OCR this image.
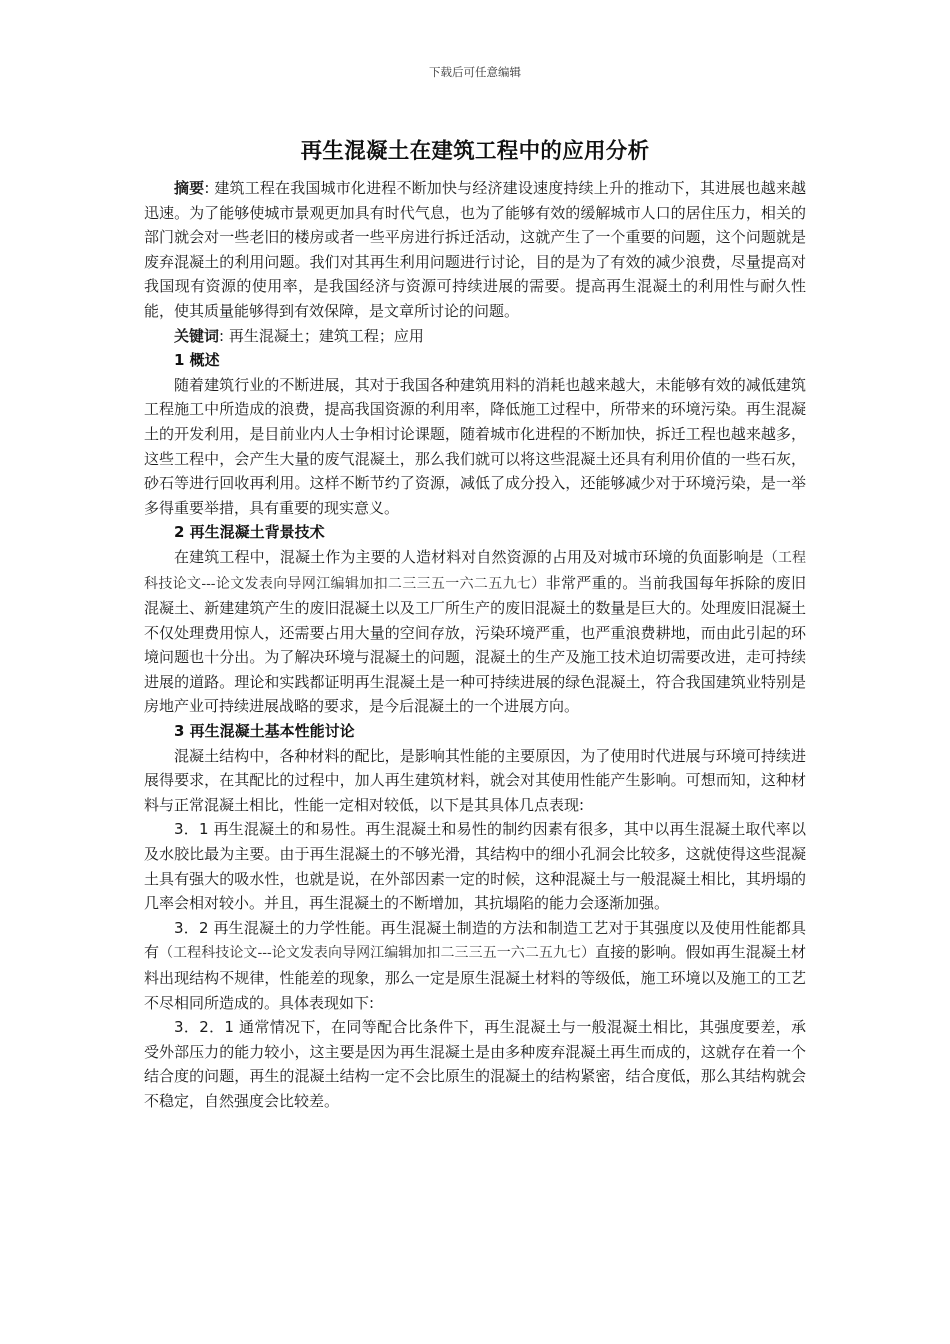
下载后可任意编辑
再生混凝土在建筑工程中的应用分析

摘要: 建筑工程在我国城市化进程不断加快与经济建设速度持续上升的推动下，其进展也越来越迅速。为了能够使城市景观更加具有时代气息，也为了能够有效的缓解城市人口的居住压力，相关的部门就会对一些老旧的楼房或者一些平房进行拆迁活动，这就产生了一个重要的问题，这个问题就是废弃混凝土的利用问题。我们对其再生利用问题进行讨论，目的是为了有效的减少浪费，尽量提高对我国现有资源的使用率，是我国经济与资源可持续进展的需要。提高再生混凝土的利用性与耐久性能，使其质量能够得到有效保障，是文章所讨论的问题。

关键词: 再生混凝土；建筑工程；应用

1 概述

随着建筑行业的不断进展，其对于我国各种建筑用料的消耗也越来越大，未能够有效的减低建筑工程施工中所造成的浪费，提高我国资源的利用率，降低施工过程中，所带来的环境污染。再生混凝土的开发利用，是目前业内人士争相讨论课题，随着城市化进程的不断加快，拆迁工程也越来越多，这些工程中，会产生大量的废气混凝土，那么我们就可以将这些混凝土还具有利用价值的一些石灰，砂石等进行回收再利用。这样不断节约了资源，减低了成分投入，还能够减少对于环境污染，是一举多得重要举措，具有重要的现实意义。

2 再生混凝土背景技术

在建筑工程中，混凝土作为主要的人造材料对自然资源的占用及对城市环境的负面影响是（工程科技论文---论文发表向导网江编辑加扣二三三五一六二五九七）非常严重的。当前我国每年拆除的废旧混凝土、新建建筑产生的废旧混凝土以及工厂所生产的废旧混凝土的数量是巨大的。处理废旧混凝土不仅处理费用惊人，还需要占用大量的空间存放，污染环境严重，也严重浪费耕地，而由此引起的环境问题也十分出。为了解决环境与混凝土的问题，混凝土的生产及施工技术迫切需要改进，走可持续进展的道路。理论和实践都证明再生混凝土是一种可持续进展的绿色混凝土，符合我国建筑业特别是房地产业可持续进展战略的要求，是今后混凝土的一个进展方向。

3 再生混凝土基本性能讨论

混凝土结构中，各种材料的配比，是影响其性能的主要原因，为了使用时代进展与环境可持续进展得要求，在其配比的过程中，加人再生建筑材料，就会对其使用性能产生影响。可想而知，这种材料与正常混凝土相比，性能一定相对较低，以下是其具体几点表现:

3．1 再生混凝土的和易性。再生混凝土和易性的制约因素有很多，其中以再生混凝土取代率以及水胶比最为主要。由于再生混凝土的不够光滑，其结构中的细小孔洞会比较多，这就使得这些混凝土具有强大的吸水性，也就是说，在外部因素一定的时候，这种混凝土与一般混凝土相比，其坍塌的几率会相对较小。并且，再生混凝土的不断增加，其抗塌陷的能力会逐渐加强。

3．2 再生混凝土的力学性能。再生混凝土制造的方法和制造工艺对于其强度以及使用性能都具有（工程科技论文---论文发表向导网江编辑加扣二三三五一六二五九七）直接的影响。假如再生混凝土材料出现结构不规律，性能差的现象，那么一定是原生混凝土材料的等级低，施工环境以及施工的工艺不尽相同所造成的。具体表现如下:

3．2．1 通常情况下，在同等配合比条件下，再生混凝土与一般混凝土相比，其强度要差，承受外部压力的能力较小，这主要是因为再生混凝土是由多种废弃混凝土再生而成的，这就存在着一个结合度的问题，再生的混凝土结构一定不会比原生的混凝土的结构紧密，结合度低，那么其结构就会不稳定，自然强度会比较差。
